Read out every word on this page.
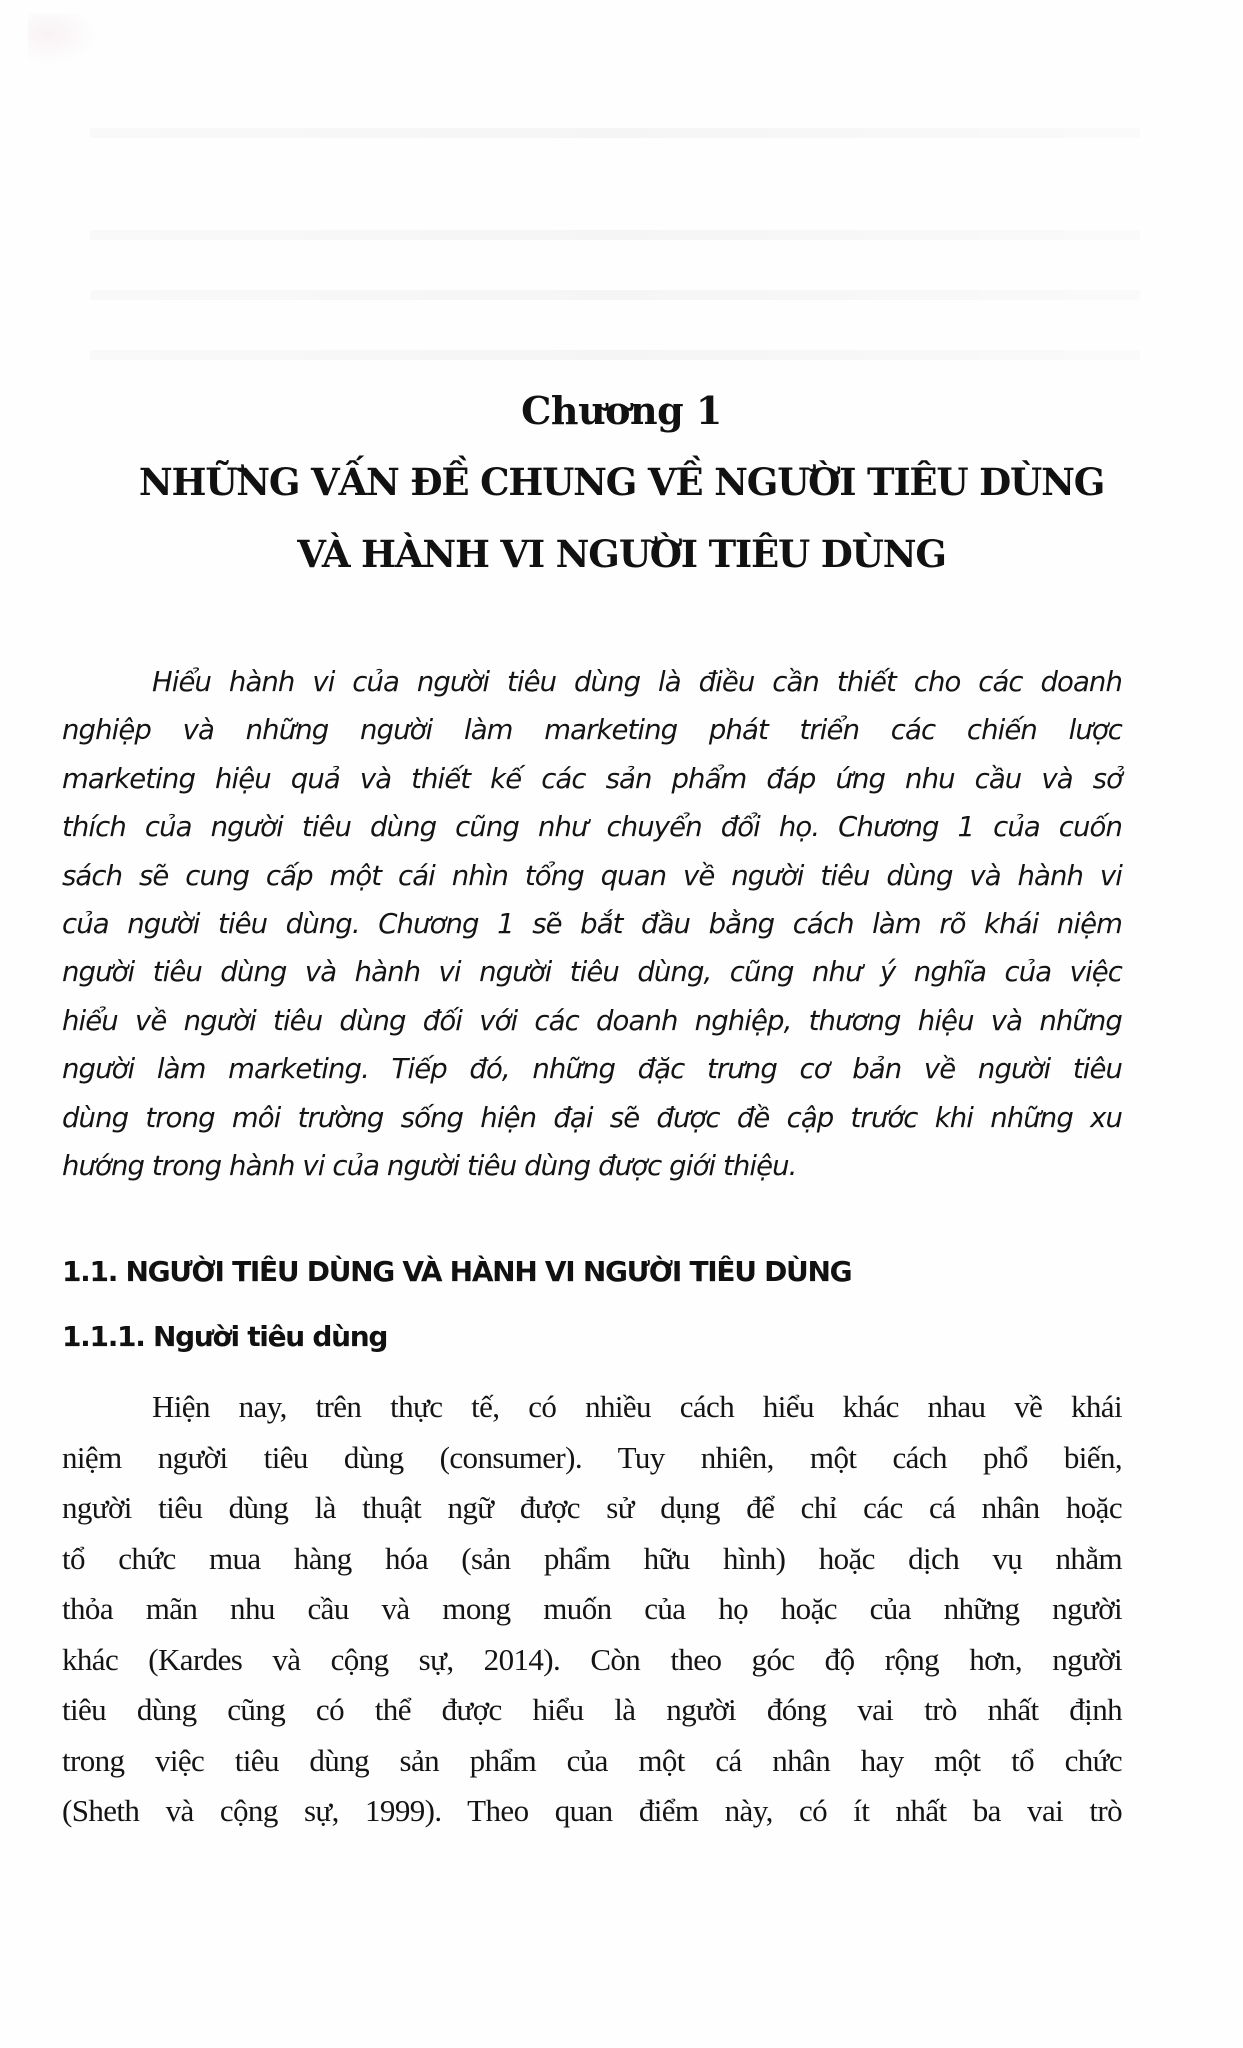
Chương 1
NHỮNG VẤN ĐỀ CHUNG VỀ NGƯỜI TIÊU DÙNG
VÀ HÀNH VI NGƯỜI TIÊU DÙNG
Hiểu hành vi của người tiêu dùng là điều cần thiết cho các doanh
nghiệp và những người làm marketing phát triển các chiến lược
marketing hiệu quả và thiết kế các sản phẩm đáp ứng nhu cầu và sở
thích của người tiêu dùng cũng như chuyển đổi họ. Chương 1 của cuốn
sách sẽ cung cấp một cái nhìn tổng quan về người tiêu dùng và hành vi
của người tiêu dùng. Chương 1 sẽ bắt đầu bằng cách làm rõ khái niệm
người tiêu dùng và hành vi người tiêu dùng, cũng như ý nghĩa của việc
hiểu về người tiêu dùng đối với các doanh nghiệp, thương hiệu và những
người làm marketing. Tiếp đó, những đặc trưng cơ bản về người tiêu
dùng trong môi trường sống hiện đại sẽ được đề cập trước khi những xu
hướng trong hành vi của người tiêu dùng được giới thiệu.
1.1. NGƯỜI TIÊU DÙNG VÀ HÀNH VI NGƯỜI TIÊU DÙNG
1.1.1. Người tiêu dùng
Hiện nay, trên thực tế, có nhiều cách hiểu khác nhau về khái
niệm người tiêu dùng (consumer). Tuy nhiên, một cách phổ biến,
người tiêu dùng là thuật ngữ được sử dụng để chỉ các cá nhân hoặc
tổ chức mua hàng hóa (sản phẩm hữu hình) hoặc dịch vụ nhằm
thỏa mãn nhu cầu và mong muốn của họ hoặc của những người
khác (Kardes và cộng sự, 2014). Còn theo góc độ rộng hơn, người
tiêu dùng cũng có thể được hiểu là người đóng vai trò nhất định
trong việc tiêu dùng sản phẩm của một cá nhân hay một tổ chức
(Sheth và cộng sự, 1999). Theo quan điểm này, có ít nhất ba vai trò
